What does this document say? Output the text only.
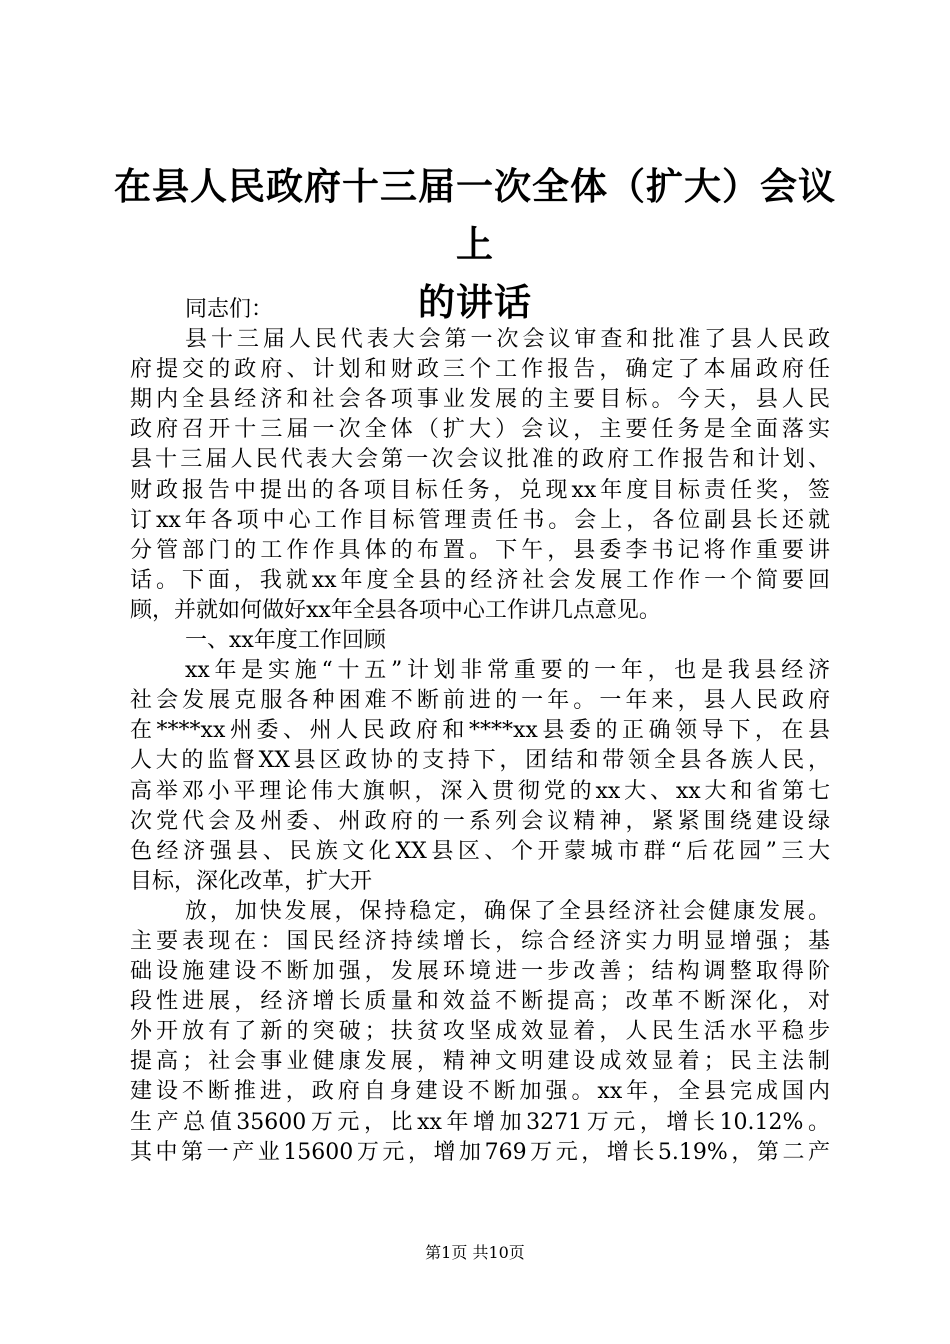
在县人民政府十三届一次全体（扩大）会议上
的讲话
同志们：
县十三届人民代表大会第一次会议审查和批准了县人民政
府提交的政府、计划和财政三个工作报告，确定了本届政府任
期内全县经济和社会各项事业发展的主要目标。今天，县人民
政府召开十三届一次全体（扩大）会议，主要任务是全面落实
县十三届人民代表大会第一次会议批准的政府工作报告和计划、
财政报告中提出的各项目标任务，兑现xx年度目标责任奖，签
订xx年各项中心工作目标管理责任书。会上，各位副县长还就
分管部门的工作作具体的布置。下午，县委李书记将作重要讲
话。下面，我就xx年度全县的经济社会发展工作作一个简要回
顾，并就如何做好xx年全县各项中心工作讲几点意见。
一、xx年度工作回顾
xx年是实施“十五”计划非常重要的一年，也是我县经济
社会发展克服各种困难不断前进的一年。一年来，县人民政府
在****xx州委、州人民政府和****xx县委的正确领导下，在县
人大的监督XX县区政协的支持下，团结和带领全县各族人民，
高举邓小平理论伟大旗帜，深入贯彻党的xx大、xx大和省第七
次党代会及州委、州政府的一系列会议精神，紧紧围绕建设绿
色经济强县、民族文化XX县区、个开蒙城市群“后花园”三大
目标，深化改革，扩大开
放，加快发展，保持稳定，确保了全县经济社会健康发展。
主要表现在：国民经济持续增长，综合经济实力明显增强；基
础设施建设不断加强，发展环境进一步改善；结构调整取得阶
段性进展，经济增长质量和效益不断提高；改革不断深化，对
外开放有了新的突破；扶贫攻坚成效显着，人民生活水平稳步
提高；社会事业健康发展，精神文明建设成效显着；民主法制
建设不断推进，政府自身建设不断加强。xx年，全县完成国内
生产总值35600万元，比xx年增加3271万元，增长10.12%。
其中第一产业15600万元，增加769万元，增长5.19%，第二产
第1页 共10页
